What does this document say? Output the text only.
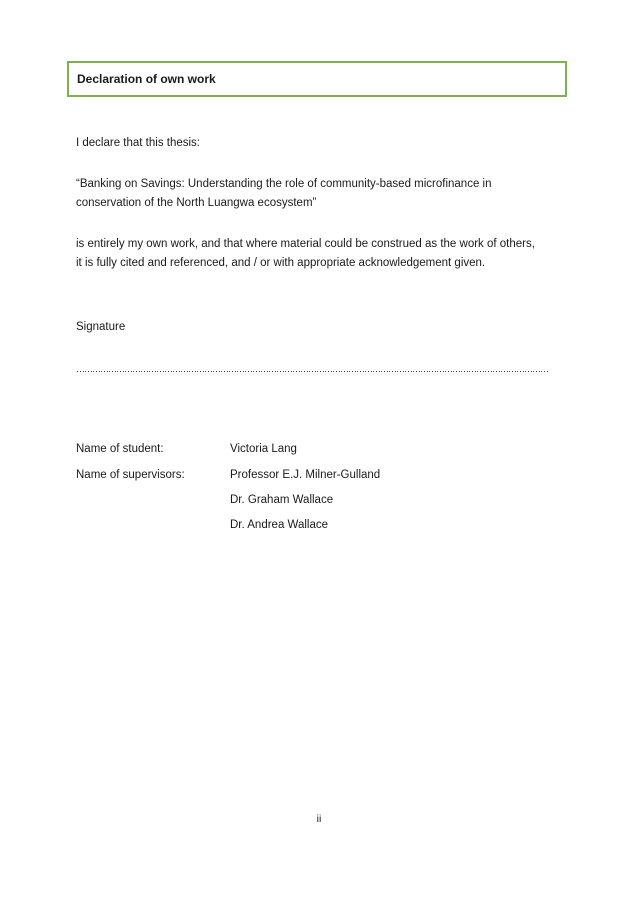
Declaration of own work

I declare that this thesis:

“Banking on Savings: Understanding the role of community-based microfinance in

conservation of the North Luangwa ecosystem”

is entirely my own work, and that where material could be construed as the work of others,

it is fully cited and referenced, and / or with appropriate acknowledgement given.

Signature

……………………………………………………………………………………………………………………………………………………………

Name of student:	Victoria Lang
Name of supervisors:	Professor E.J. Milner-Gulland
Dr. Graham Wallace
Dr. Andrea Wallace
ii
